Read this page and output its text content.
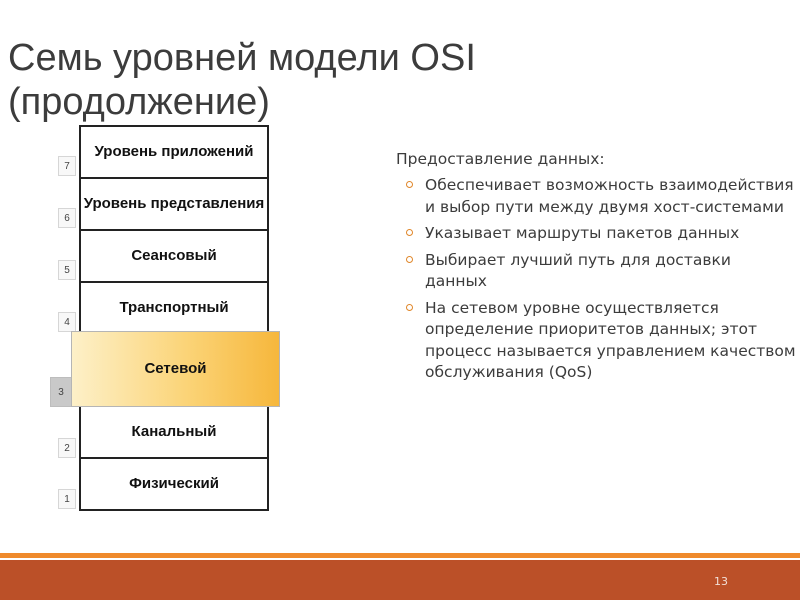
Семь уровней модели OSI
(продолжение)
7
6
5
4
3
2
1
Уровень приложений
Уровень представления
Сеансовый
Транспортный
Сетевой
Канальный
Физический
Предоставление данных:
Обеспечивает возможность взаимодействия и выбор пути между двумя хост-системами
Указывает маршруты пакетов данных
Выбирает лучший путь для доставки данных
На сетевом уровне осуществляется определение приоритетов данных; этот процесс называется управлением качеством обслуживания (QoS)
13
